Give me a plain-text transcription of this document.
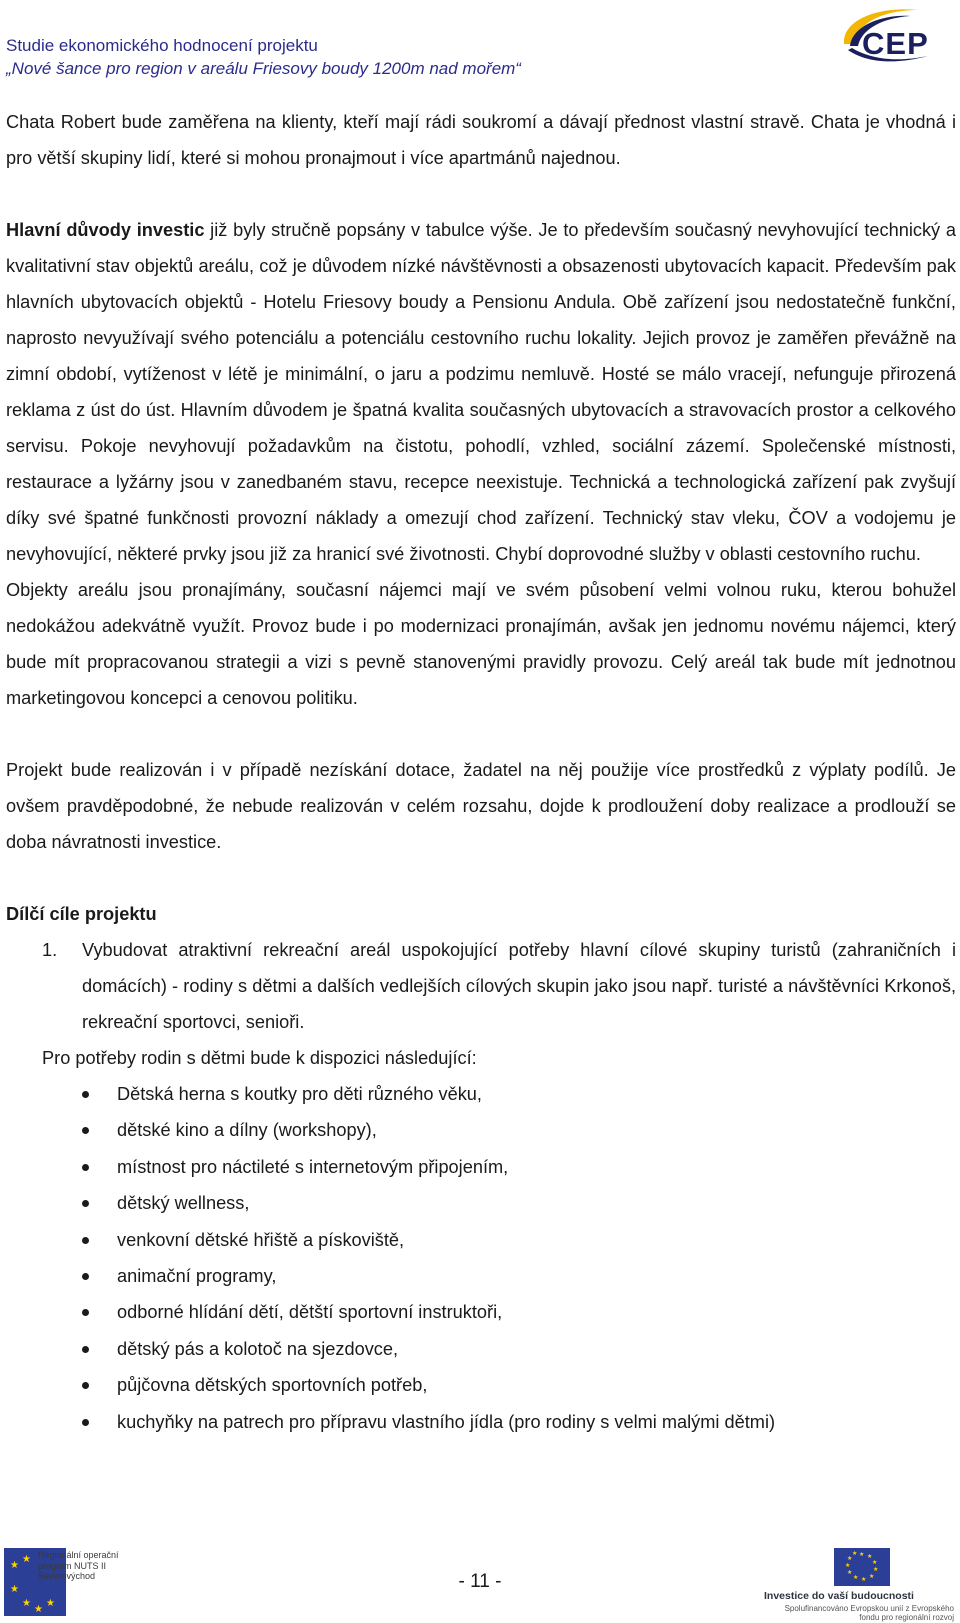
Studie ekonomického hodnocení projektu
„Nové šance pro region v areálu Friesovy boudy 1200m nad mořem“
CEP

Chata Robert bude zaměřena na klienty, kteří mají rádi soukromí a dávají přednost vlastní stravě. Chata je vhodná i pro větší skupiny lidí, které si mohou pronajmout i více apartmánů najednou.

Hlavní důvody investic již byly stručně popsány v tabulce výše. Je to především současný nevyhovující technický a kvalitativní stav objektů areálu, což je důvodem nízké návštěvnosti a obsazenosti ubytovacích kapacit. Především pak hlavních ubytovacích objektů - Hotelu Friesovy boudy a Pensionu Andula. Obě zařízení jsou nedostatečně funkční, naprosto nevyužívají svého potenciálu a potenciálu cestovního ruchu lokality. Jejich provoz je zaměřen převážně na zimní období, vytíženost v létě je minimální, o jaru a podzimu nemluvě. Hosté se málo vracejí, nefunguje přirozená reklama z úst do úst. Hlavním důvodem je špatná kvalita současných ubytovacích a stravovacích prostor a celkového servisu. Pokoje nevyhovují požadavkům na čistotu, pohodlí, vzhled, sociální zázemí. Společenské místnosti, restaurace a lyžárny jsou v zanedbaném stavu, recepce neexistuje. Technická a technologická zařízení pak zvyšují díky své špatné funkčnosti provozní náklady a omezují chod zařízení. Technický stav vleku, ČOV a vodojemu je nevyhovující, některé prvky jsou již za hranicí své životnosti. Chybí doprovodné služby v oblasti cestovního ruchu.

Objekty areálu jsou pronajímány, současní nájemci mají ve svém působení velmi volnou ruku, kterou bohužel nedokážou adekvátně využít. Provoz bude i po modernizaci pronajímán, avšak jen jednomu novému nájemci, který bude mít propracovanou strategii a vizi s pevně stanovenými pravidly provozu. Celý areál tak bude mít jednotnou marketingovou koncepci a cenovou politiku.

Projekt bude realizován i v případě nezískání dotace, žadatel na něj použije více prostředků z výplaty podílů. Je ovšem pravděpodobné, že nebude realizován v celém rozsahu, dojde k prodloužení doby realizace a prodlouží se doba návratnosti investice.

Dílčí cíle projektu

1. Vybudovat atraktivní rekreační areál uspokojující potřeby hlavní cílové skupiny turistů (zahraničních i domácích) - rodiny s dětmi a dalších vedlejších cílových skupin jako jsou např. turisté a návštěvníci Krkonoš, rekreační sportovci, senioři.

Pro potřeby rodin s dětmi bude k dispozici následující:

Dětská herna s koutky pro děti různého věku,
dětské kino a dílny (workshopy),
místnost pro náctileté s internetovým připojením,
dětský wellness,
venkovní dětské hřiště a pískoviště,
animační programy,
odborné hlídání dětí, dětští sportovní instruktoři,
dětský pás a kolotoč na sjezdovce,
půjčovna dětských sportovních potřeb,
kuchyňky na patrech pro přípravu vlastního jídla (pro rodiny s velmi malými dětmi)
★
★
★
★
★
★
Regionální operační program NUTS II Severovýchod	- 11 -
★ ★
★
★
★
★
★
★
★
★
★
Investice do vaší budoucnosti
Spolufinancováno Evropskou unií z Evropského fondu pro regionální rozvoj
